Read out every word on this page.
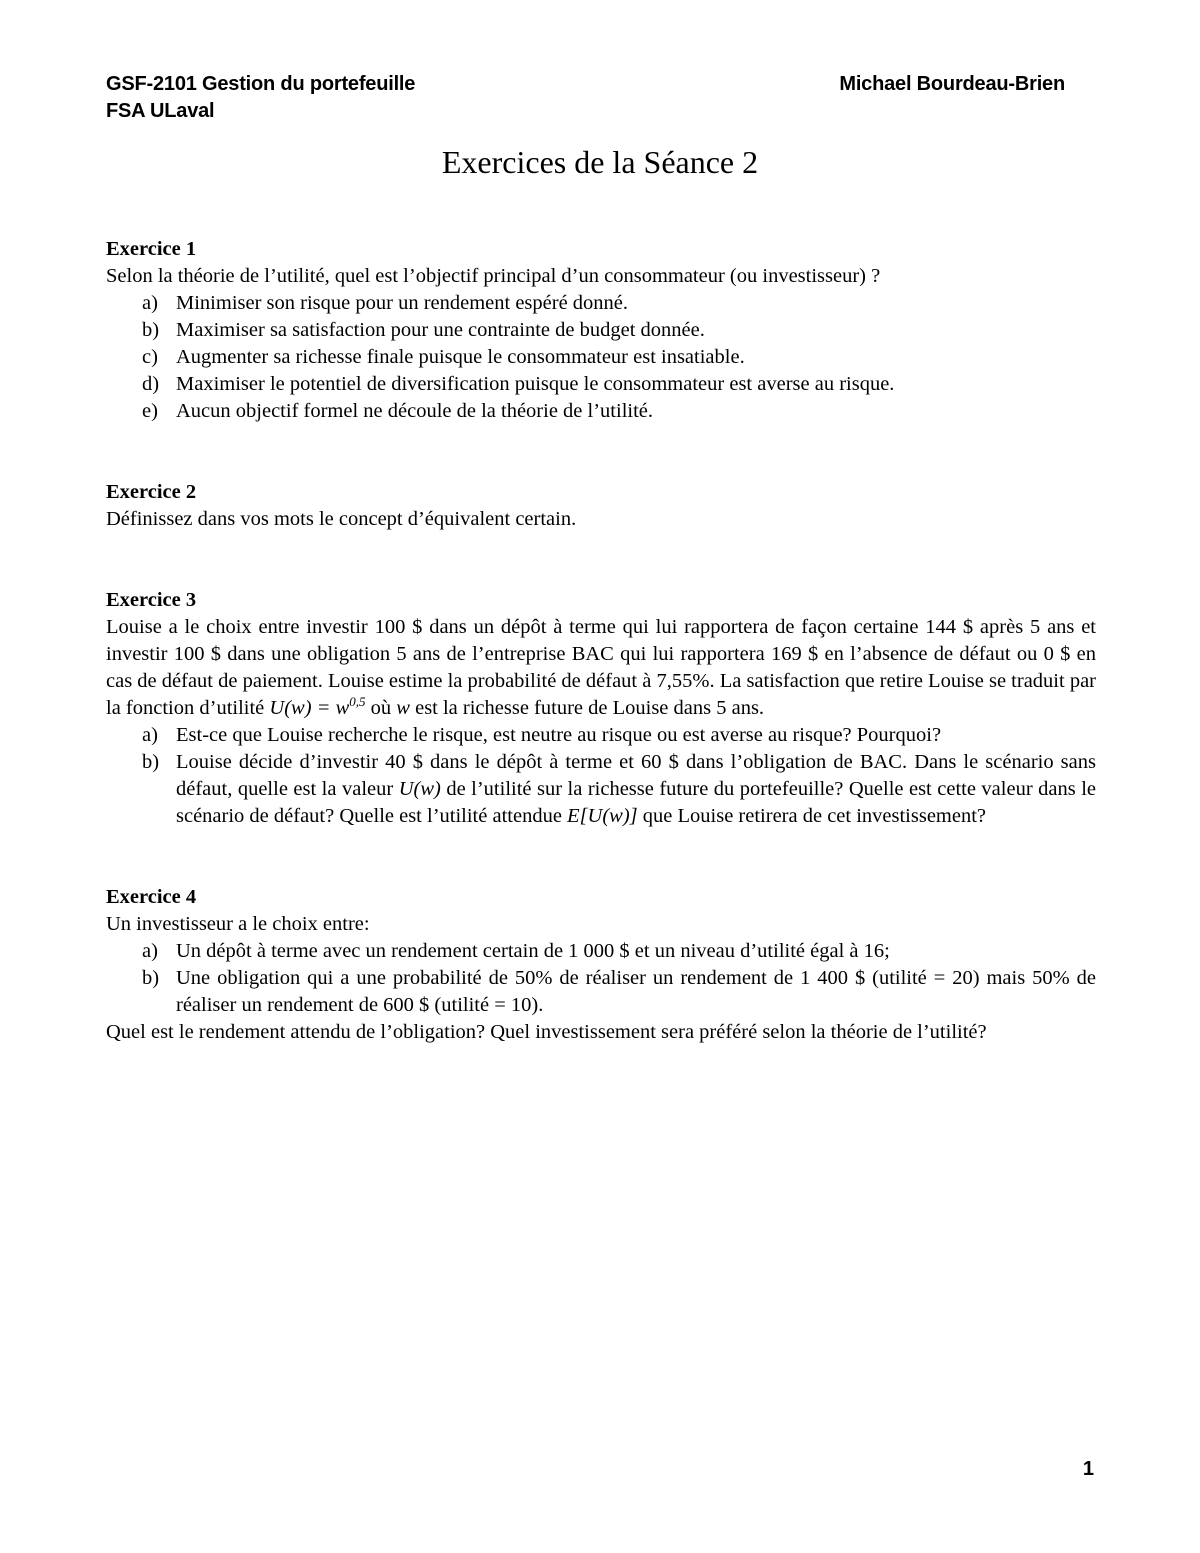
GSF-2101 Gestion du portefeuille
FSA ULaval
Michael Bourdeau-Brien
Exercices de la Séance 2
Exercice 1
Selon la théorie de l’utilité, quel est l’objectif principal d’un consommateur (ou investisseur) ?
a) Minimiser son risque pour un rendement espéré donné.
b) Maximiser sa satisfaction pour une contrainte de budget donnée.
c) Augmenter sa richesse finale puisque le consommateur est insatiable.
d) Maximiser le potentiel de diversification puisque le consommateur est averse au risque.
e) Aucun objectif formel ne découle de la théorie de l’utilité.
Exercice 2
Définissez dans vos mots le concept d’équivalent certain.
Exercice 3
Louise a le choix entre investir 100 $ dans un dépôt à terme qui lui rapportera de façon certaine 144 $ après 5 ans et investir 100 $ dans une obligation 5 ans de l’entreprise BAC qui lui rapportera 169 $ en l’absence de défaut ou 0 $ en cas de défaut de paiement. Louise estime la probabilité de défaut à 7,55%. La satisfaction que retire Louise se traduit par la fonction d’utilité $U(w) = w^{0,5}$ où w est la richesse future de Louise dans 5 ans.
a) Est-ce que Louise recherche le risque, est neutre au risque ou est averse au risque? Pourquoi?
b) Louise décide d’investir 40 $ dans le dépôt à terme et 60 $ dans l’obligation de BAC. Dans le scénario sans défaut, quelle est la valeur U(w) de l’utilité sur la richesse future du portefeuille? Quelle est cette valeur dans le scénario de défaut? Quelle est l’utilité attendue E[U(w)] que Louise retirera de cet investissement?
Exercice 4
Un investisseur a le choix entre:
a) Un dépôt à terme avec un rendement certain de 1 000 $ et un niveau d’utilité égal à 16;
b) Une obligation qui a une probabilité de 50% de réaliser un rendement de 1 400 $ (utilité = 20) mais 50% de réaliser un rendement de 600 $ (utilité = 10).
Quel est le rendement attendu de l’obligation? Quel investissement sera préféré selon la théorie de l’utilité?
1
